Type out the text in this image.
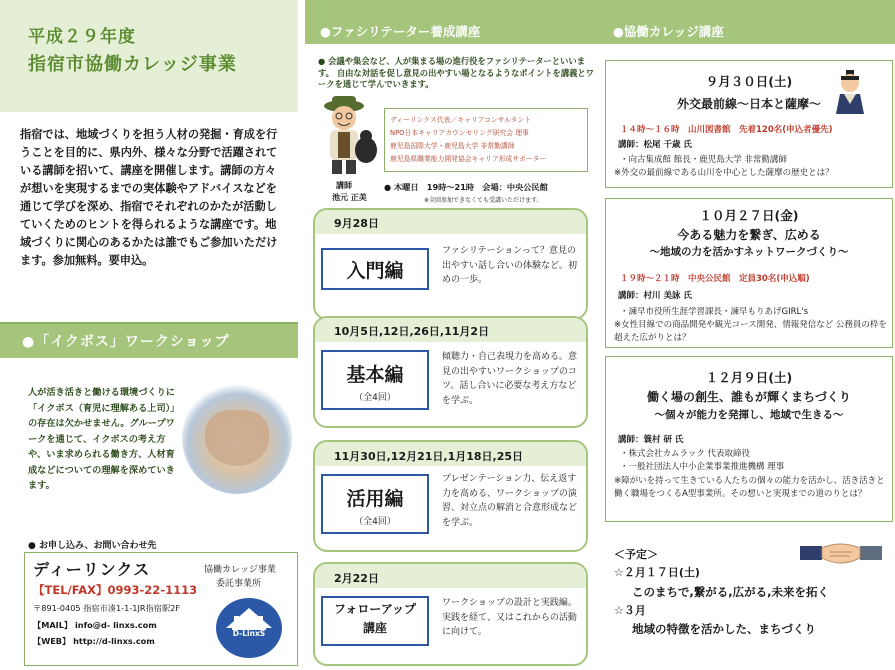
平成２９年度
指宿市協働カレッジ事業
指宿では、地域づくりを担う人材の発掘・育成を行うことを目的に、県内外、様々な分野で活躍されている講師を招いて、講座を開催します。講師の方々が想いを実現するまでの実体験やアドバイスなどを通じて学びを深め、指宿でそれぞれのかたが活動していくためのヒントを得られるような講座です。地域づくりに関心のあるかたは誰でもご参加いただけます。参加無料。要申込。
●「イクボス」ワークショップ
人が活き活きと働ける環境づくりに「イクボス（育児に理解ある上司）」の存在は欠かせません。グループワークを通じて、イクボスの考え方や、いま求められる働き方、人材育成などについての理解を深めていきます。
● お申し込み、お問い合わせ先
ディーリンクス
【TEL/FAX】0993-22-1113
〒891-0405 指宿市湊1-1-1JR指宿駅2F
【MAIL】 info@d- linxs.com
【WEB】 http://d-linxs.com
協働カレッジ事業
委託事業所
D-LinxS
●ファシリテーター養成講座
● 会議や集会など、人が集まる場の進行役をファシリテーターといいます。 自由な対話を促し意見の出やすい場となるようなポイントを講義とワークを通じて学んでいきます。
講師
池元 正美
ディーリンクス代表／キャリアコンサルタント
NPO日本キャリアカウンセリング研究会 理事
鹿児島国際大学・鹿児島大学 非常勤講師
鹿児島県職業能力開発協会キャリア形成サポーター
● 木曜日　19時〜21時　会場：中央公民館
※全回参加できなくても受講いただけます。
9月28日
入門編
ファシリテーションって？意見の出やすい話し合いの体験など。初めの一歩。
10月5日,12日,26日,11月2日
基本編
（全4回）
傾聴力・自己表現力を高める。意見の出やすいワークショップのコツ。話し合いに必要な考え方などを学ぶ。
11月30日,12月21日,1月18日,25日
活用編
（全4回）
プレゼンテーション力、伝え返す力を高める、ワークショップの演習、対立点の解消と合意形成などを学ぶ。
2月22日
フォローアップ講座
ワークショップの設計と実践編。実践を経て、又はこれからの活動に向けて。
●協働カレッジ講座
９月３０日(土)
外交最前線〜日本と薩摩〜
１４時〜１６時　山川図書館　先着120名(申込者優先)
講師：松尾 千歳 氏
・向古集成館 館長・鹿児島大学 非常勤講師
※外交の最前線である山川を中心とした薩摩の歴史とは？
１０月２７日(金)
今ある魅力を繋ぎ、広める
〜地域の力を活かすネットワークづくり〜
１９時〜２１時　中央公民館　定員30名(申込順)
講師：村川 美詠 氏
・諫早市役所生涯学習課長・諫早もりあげGIRL's
※女性目線での商品開発や観光コース開発、情報発信など 公務員の枠を超えた広がりとは？
１２月９日(土)
働く場の創生、誰もが輝くまちづくり
〜個々が能力を発揮し、地域で生きる〜
講師：簑村 研 氏
・株式会社カムラック 代表取締役
・一般社団法人中小企業事業推進機構 理事
※障がいを持って生きている人たちの個々の能力を活かし、活き活きと働く職場をつくるA型事業所。その想いと実現までの道のりとは？
＜予定＞
☆２月１７日(土)
このまちで,繋がる,広がる,未来を拓く
☆３月
地域の特徴を活かした、まちづくり
